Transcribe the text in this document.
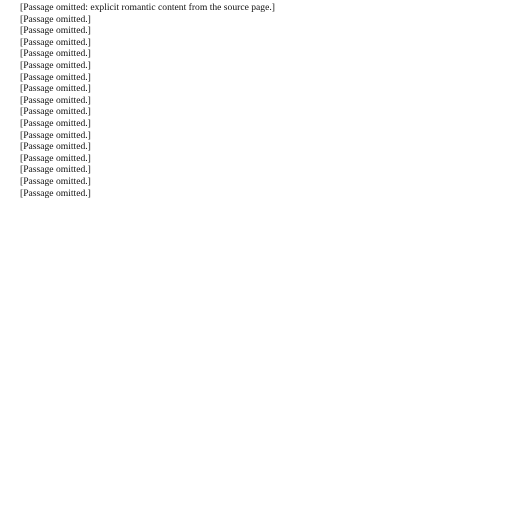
[Passage omitted: explicit romantic content from the source page.]

[Passage omitted.]

[Passage omitted.]

[Passage omitted.]

[Passage omitted.]

[Passage omitted.]

[Passage omitted.]

[Passage omitted.]

[Passage omitted.]

[Passage omitted.]

[Passage omitted.]

[Passage omitted.]

[Passage omitted.]

[Passage omitted.]

[Passage omitted.]

[Passage omitted.]

[Passage omitted.]
